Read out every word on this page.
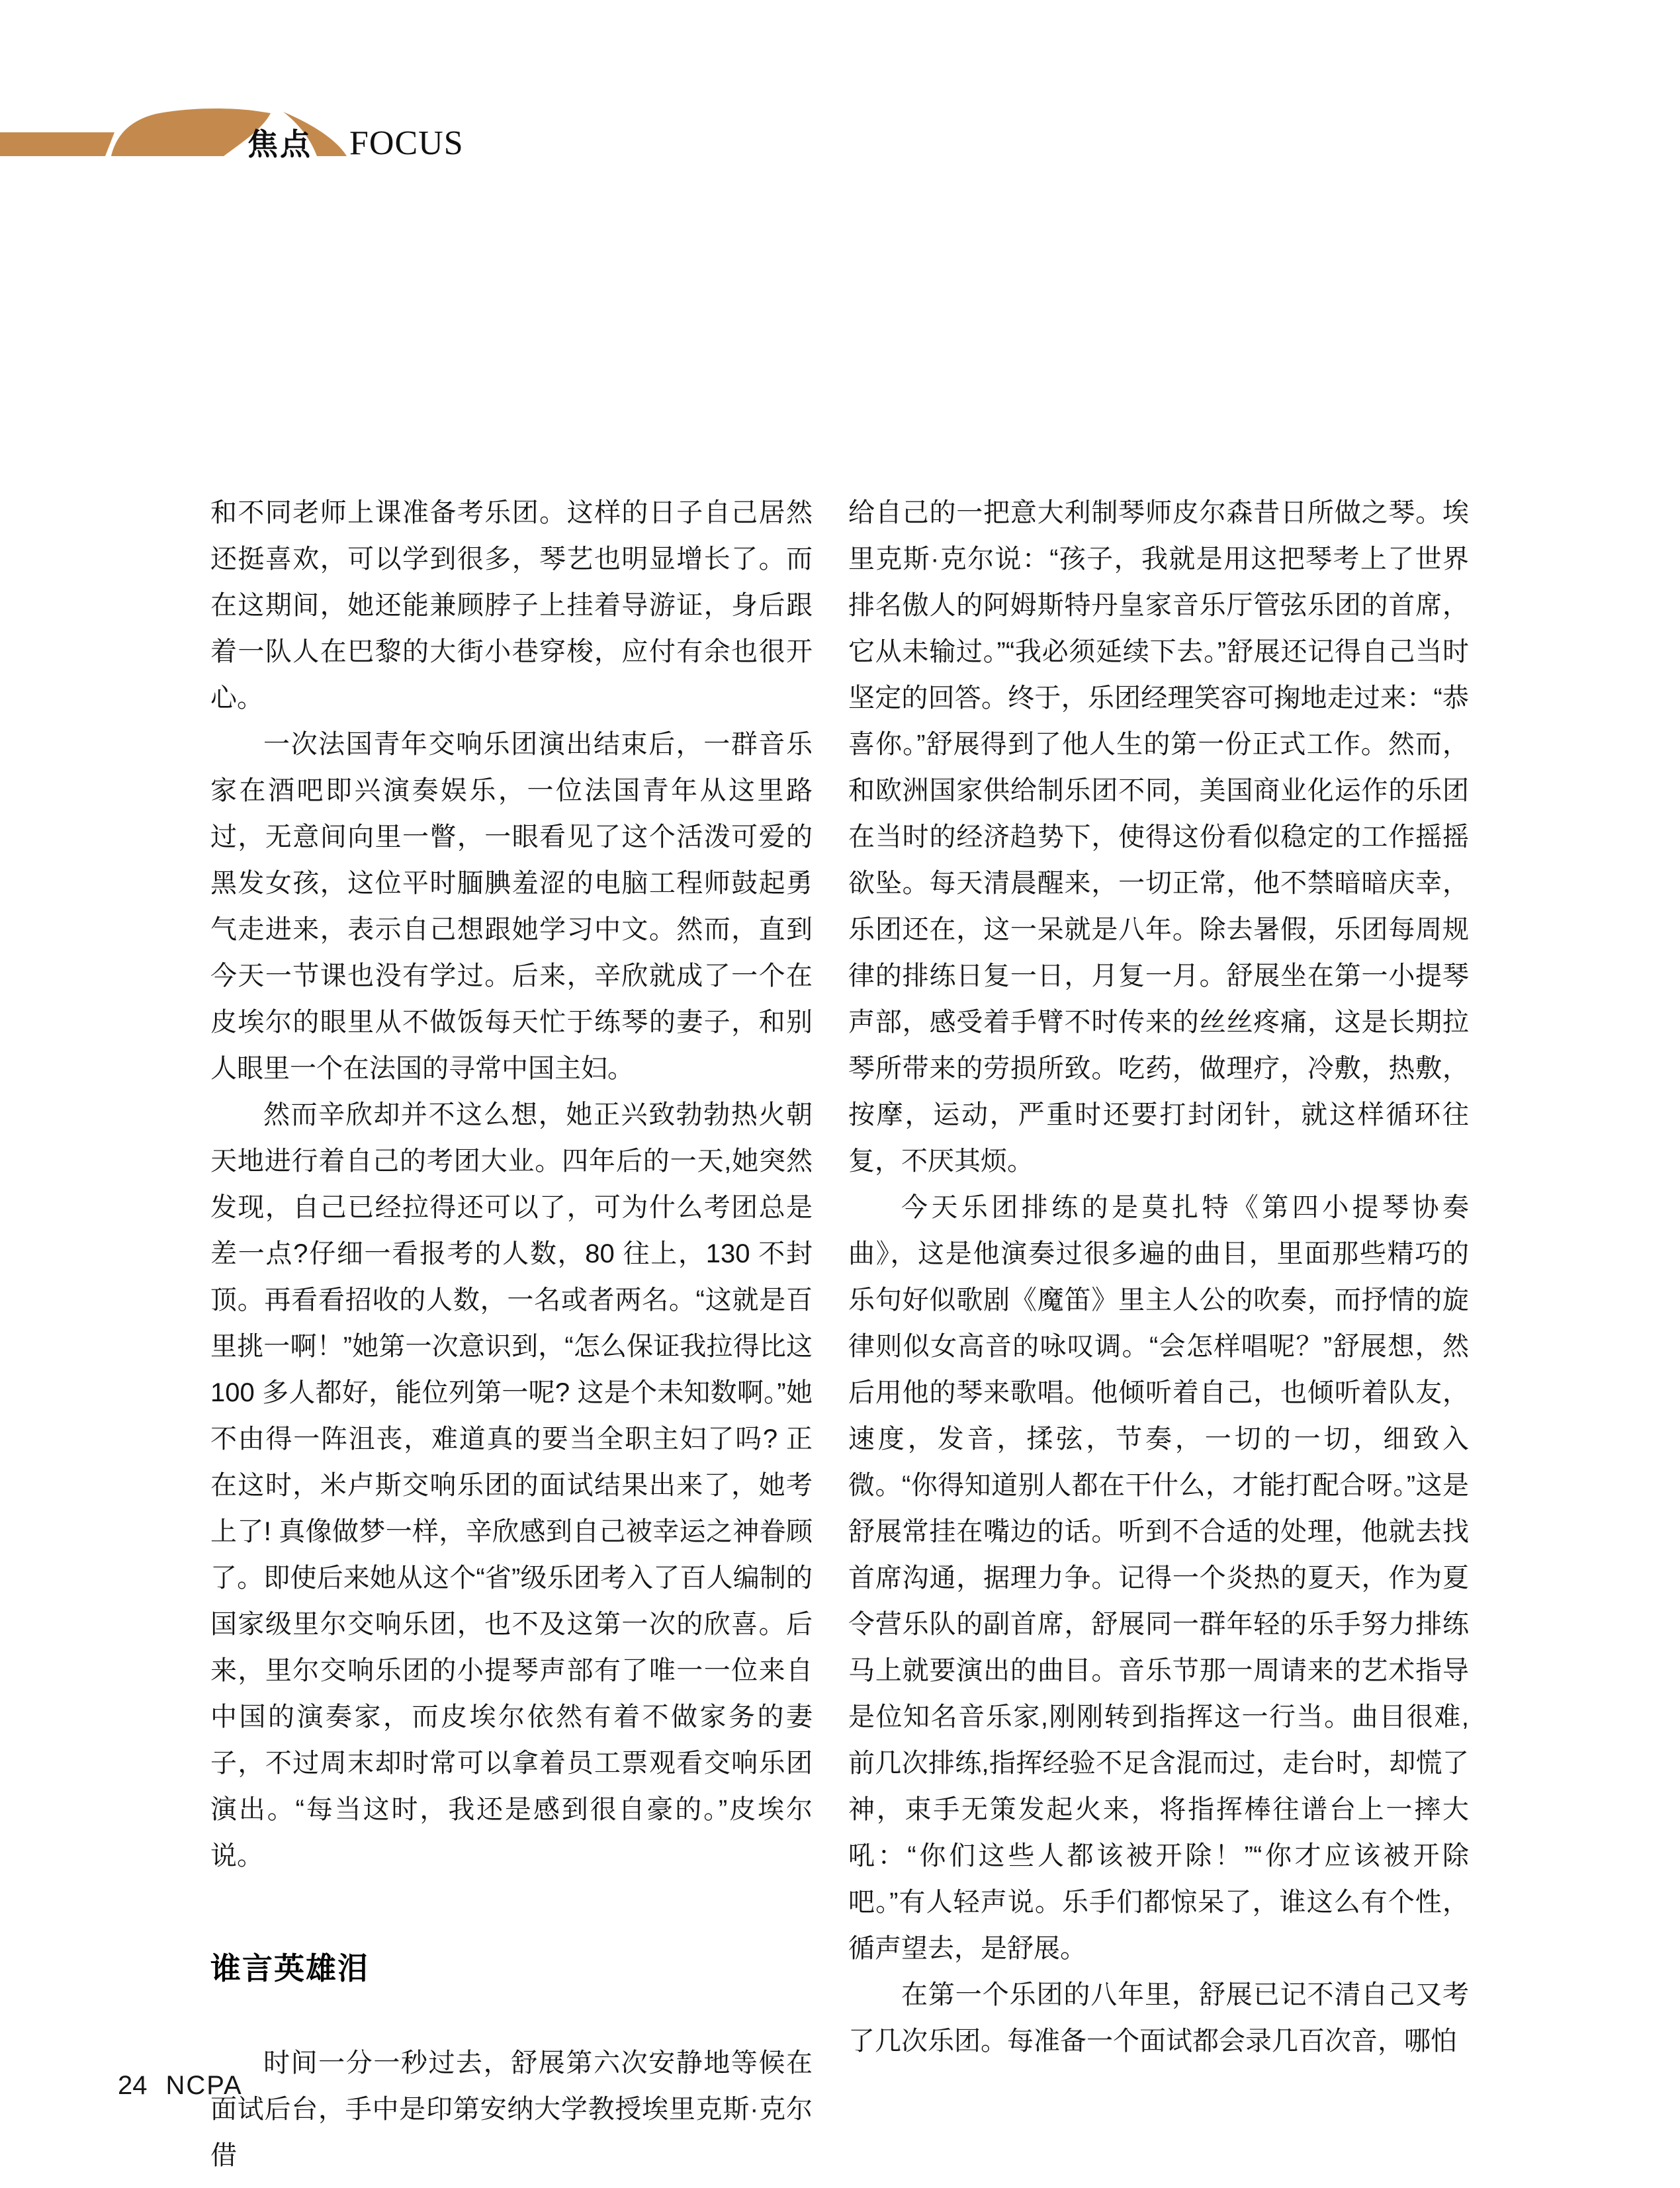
焦点 FOCUS

和不同老师上课准备考乐团。这样的日子自己居然还挺喜欢，可以学到很多，琴艺也明显增长了。而在这期间，她还能兼顾脖子上挂着导游证，身后跟着一队人在巴黎的大街小巷穿梭，应付有余也很开心。

一次法国青年交响乐团演出结束后，一群音乐家在酒吧即兴演奏娱乐，一位法国青年从这里路过，无意间向里一瞥，一眼看见了这个活泼可爱的黑发女孩，这位平时腼腆羞涩的电脑工程师鼓起勇气走进来，表示自己想跟她学习中文。然而，直到今天一节课也没有学过。后来，辛欣就成了一个在皮埃尔的眼里从不做饭每天忙于练琴的妻子，和别人眼里一个在法国的寻常中国主妇。

然而辛欣却并不这么想，她正兴致勃勃热火朝天地进行着自己的考团大业。四年后的一天,她突然发现，自己已经拉得还可以了，可为什么考团总是差一点?仔细一看报考的人数，80 往上，130 不封顶。再看看招收的人数，一名或者两名。“这就是百里挑一啊！”她第一次意识到，“怎么保证我拉得比这 100 多人都好，能位列第一呢? 这是个未知数啊。”她不由得一阵沮丧，难道真的要当全职主妇了吗? 正在这时，米卢斯交响乐团的面试结果出来了，她考上了! 真像做梦一样，辛欣感到自己被幸运之神眷顾了。即使后来她从这个“省”级乐团考入了百人编制的国家级里尔交响乐团，也不及这第一次的欣喜。后来，里尔交响乐团的小提琴声部有了唯一一位来自中国的演奏家，而皮埃尔依然有着不做家务的妻子，不过周末却时常可以拿着员工票观看交响乐团演出。“每当这时，我还是感到很自豪的。”皮埃尔说。

谁言英雄泪

时间一分一秒过去，舒展第六次安静地等候在面试后台，手中是印第安纳大学教授埃里克斯·克尔借

给自己的一把意大利制琴师皮尔森昔日所做之琴。埃里克斯·克尔说：“孩子，我就是用这把琴考上了世界排名傲人的阿姆斯特丹皇家音乐厅管弦乐团的首席，它从未输过。”“我必须延续下去。”舒展还记得自己当时坚定的回答。终于，乐团经理笑容可掬地走过来：“恭喜你。”舒展得到了他人生的第一份正式工作。然而，和欧洲国家供给制乐团不同，美国商业化运作的乐团在当时的经济趋势下，使得这份看似稳定的工作摇摇欲坠。每天清晨醒来，一切正常，他不禁暗暗庆幸，乐团还在，这一呆就是八年。除去暑假，乐团每周规律的排练日复一日，月复一月。舒展坐在第一小提琴声部，感受着手臂不时传来的丝丝疼痛，这是长期拉琴所带来的劳损所致。吃药，做理疗，冷敷，热敷，按摩，运动，严重时还要打封闭针，就这样循环往复，不厌其烦。

今天乐团排练的是莫扎特《第四小提琴协奏曲》，这是他演奏过很多遍的曲目，里面那些精巧的乐句好似歌剧《魔笛》里主人公的吹奏，而抒情的旋律则似女高音的咏叹调。“会怎样唱呢？”舒展想，然后用他的琴来歌唱。他倾听着自己，也倾听着队友，速度，发音，揉弦，节奏，一切的一切，细致入微。“你得知道别人都在干什么，才能打配合呀。”这是舒展常挂在嘴边的话。听到不合适的处理，他就去找首席沟通，据理力争。记得一个炎热的夏天，作为夏令营乐队的副首席，舒展同一群年轻的乐手努力排练马上就要演出的曲目。音乐节那一周请来的艺术指导是位知名音乐家,刚刚转到指挥这一行当。曲目很难,前几次排练,指挥经验不足含混而过，走台时，却慌了神，束手无策发起火来，将指挥棒往谱台上一摔大吼：“你们这些人都该被开除！”“你才应该被开除吧。”有人轻声说。乐手们都惊呆了，谁这么有个性，循声望去，是舒展。

在第一个乐团的八年里，舒展已记不清自己又考了几次乐团。每准备一个面试都会录几百次音，哪怕

24 NCPA
